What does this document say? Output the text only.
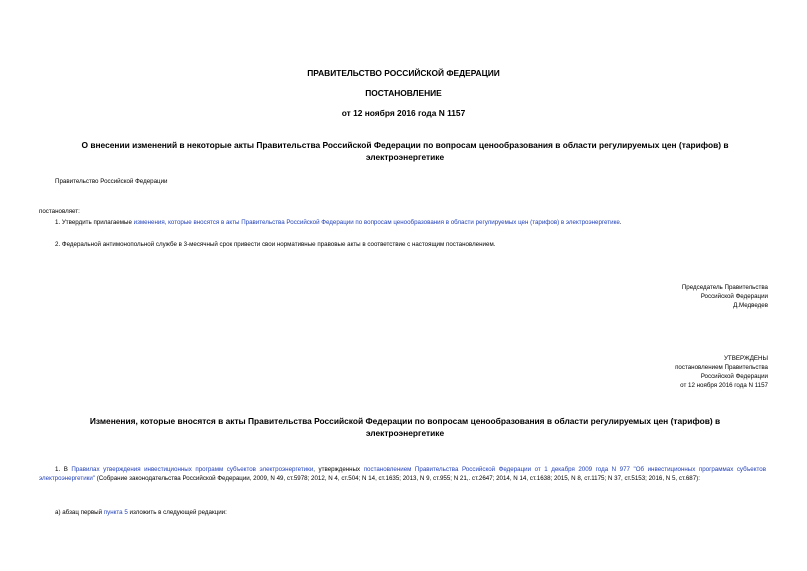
ПРАВИТЕЛЬСТВО РОССИЙСКОЙ ФЕДЕРАЦИИ
ПОСТАНОВЛЕНИЕ
от 12 ноября 2016 года N 1157
О внесении изменений в некоторые акты Правительства Российской Федерации по вопросам ценообразования в области регулируемых цен (тарифов) в электроэнергетике
Правительство Российской Федерации
постановляет:
1. Утвердить прилагаемые изменения, которые вносятся в акты Правительства Российской Федерации по вопросам ценообразования в области регулируемых цен (тарифов) в электроэнергетике.
2. Федеральной антимонопольной службе в 3-месячный срок привести свои нормативные правовые акты в соответствие с настоящим постановлением.
Председатель Правительства
Российской Федерации
Д.Медведев
УТВЕРЖДЕНЫ
постановлением Правительства
Российской Федерации
от 12 ноября 2016 года N 1157
Изменения, которые вносятся в акты Правительства Российской Федерации по вопросам ценообразования в области регулируемых цен (тарифов) в электроэнергетике
1. В Правилах утверждения инвестиционных программ субъектов электроэнергетики, утвержденных постановлением Правительства Российской Федерации от 1 декабря 2009 года N 977 "Об инвестиционных программах субъектов электроэнергетики" (Собрание законодательства Российской Федерации, 2009, N 49, ст.5978; 2012, N 4, ст.504; N 14, ст.1635; 2013, N 9, ст.955; N 21,. ст.2647; 2014, N 14, ст.1638; 2015, N 8, ст.1175; N 37, ст.5153; 2016, N 5, ст.687):
а) абзац первый пункта 5 изложить в следующей редакции:
